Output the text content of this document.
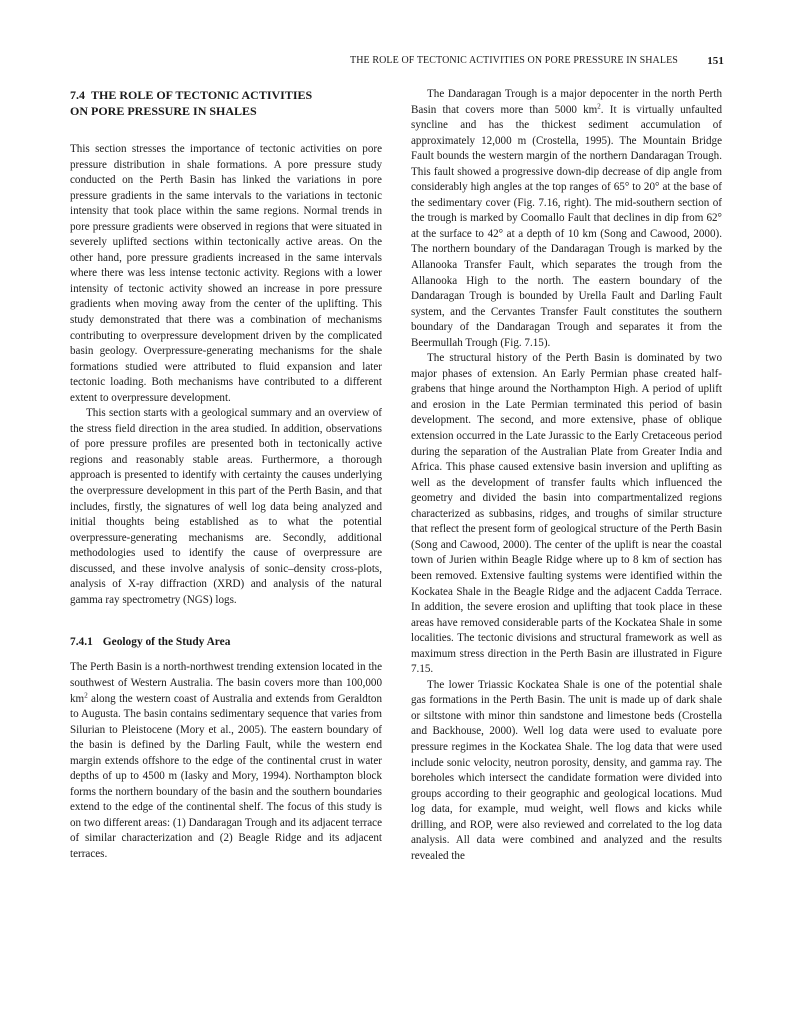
THE ROLE OF TECTONIC ACTIVITIES ON PORE PRESSURE IN SHALES	151
7.4 THE ROLE OF TECTONIC ACTIVITIES
ON PORE PRESSURE IN SHALES

This section stresses the importance of tectonic activities on pore pressure distribution in shale formations. A pore pressure study conducted on the Perth Basin has linked the variations in pore pressure gradients in the same intervals to the variations in tectonic intensity that took place within the same regions. Normal trends in pore pressure gradients were observed in regions that were situated in severely uplifted sections within tectonically active areas. On the other hand, pore pressure gradients increased in the same intervals where there was less intense tectonic activity. Regions with a lower intensity of tectonic activity showed an increase in pore pressure gradients when moving away from the center of the uplifting. This study demonstrated that there was a combination of mechanisms contributing to overpressure development driven by the complicated basin geology. Overpressure-generating mechanisms for the shale formations studied were attributed to fluid expansion and later tectonic loading. Both mechanisms have contributed to a different extent to overpressure development.

This section starts with a geological summary and an overview of the stress field direction in the area studied. In addition, observations of pore pressure profiles are presented both in tectonically active regions and reasonably stable areas. Furthermore, a thorough approach is presented to identify with certainty the causes underlying the overpressure development in this part of the Perth Basin, and that includes, firstly, the signatures of well log data being analyzed and initial thoughts being established as to what the potential overpressure-generating mechanisms are. Secondly, additional methodologies used to identify the cause of overpressure are discussed, and these involve analysis of sonic–density cross-plots, analysis of X-ray diffraction (XRD) and analysis of the natural gamma ray spectrometry (NGS) logs.

7.4.1 Geology of the Study Area

The Perth Basin is a north-northwest trending extension located in the southwest of Western Australia. The basin covers more than 100,000 $km^2$ along the western coast of Australia and extends from Geraldton to Augusta. The basin contains sedimentary sequence that varies from Silurian to Pleistocene (Mory et al., 2005). The eastern boundary of the basin is defined by the Darling Fault, while the western end margin extends offshore to the edge of the continental crust in water depths of up to 4500 m (Iasky and Mory, 1994). Northampton block forms the northern boundary of the basin and the southern boundaries extend to the edge of the continental shelf. The focus of this study is on two different areas: (1) Dandaragan Trough and its adjacent terrace of similar characterization and (2) Beagle Ridge and its adjacent terraces.

The Dandaragan Trough is a major depocenter in the north Perth Basin that covers more than 5000 $km^2$. It is virtually unfaulted syncline and has the thickest sediment accumulation of approximately 12,000 m (Crostella, 1995). The Mountain Bridge Fault bounds the western margin of the northern Dandaragan Trough. This fault showed a progressive down-dip decrease of dip angle from considerably high angles at the top ranges of 65° to 20° at the base of the sedimentary cover (Fig. 7.16, right). The mid-southern section of the trough is marked by Coomallo Fault that declines in dip from 62° at the surface to 42° at a depth of 10 km (Song and Cawood, 2000). The northern boundary of the Dandaragan Trough is marked by the Allanooka Transfer Fault, which separates the trough from the Allanooka High to the north. The eastern boundary of the Dandaragan Trough is bounded by Urella Fault and Darling Fault system, and the Cervantes Transfer Fault constitutes the southern boundary of the Dandaragan Trough and separates it from the Beermullah Trough (Fig. 7.15).

The structural history of the Perth Basin is dominated by two major phases of extension. An Early Permian phase created half-grabens that hinge around the Northampton High. A period of uplift and erosion in the Late Permian terminated this period of basin development. The second, and more extensive, phase of oblique extension occurred in the Late Jurassic to the Early Cretaceous period during the separation of the Australian Plate from Greater India and Africa. This phase caused extensive basin inversion and uplifting as well as the development of transfer faults which influenced the geometry and divided the basin into compartmentalized regions characterized as subbasins, ridges, and troughs of similar structure that reflect the present form of geological structure of the Perth Basin (Song and Cawood, 2000). The center of the uplift is near the coastal town of Jurien within Beagle Ridge where up to 8 km of section has been removed. Extensive faulting systems were identified within the Kockatea Shale in the Beagle Ridge and the adjacent Cadda Terrace. In addition, the severe erosion and uplifting that took place in these areas have removed considerable parts of the Kockatea Shale in some localities. The tectonic divisions and structural framework as well as maximum stress direction in the Perth Basin are illustrated in Figure 7.15.

The lower Triassic Kockatea Shale is one of the potential shale gas formations in the Perth Basin. The unit is made up of dark shale or siltstone with minor thin sandstone and limestone beds (Crostella and Backhouse, 2000). Well log data were used to evaluate pore pressure regimes in the Kockatea Shale. The log data that were used include sonic velocity, neutron porosity, density, and gamma ray. The boreholes which intersect the candidate formation were divided into groups according to their geographic and geological locations. Mud log data, for example, mud weight, well flows and kicks while drilling, and ROP, were also reviewed and correlated to the log data analysis. All data were combined and analyzed and the results revealed the
